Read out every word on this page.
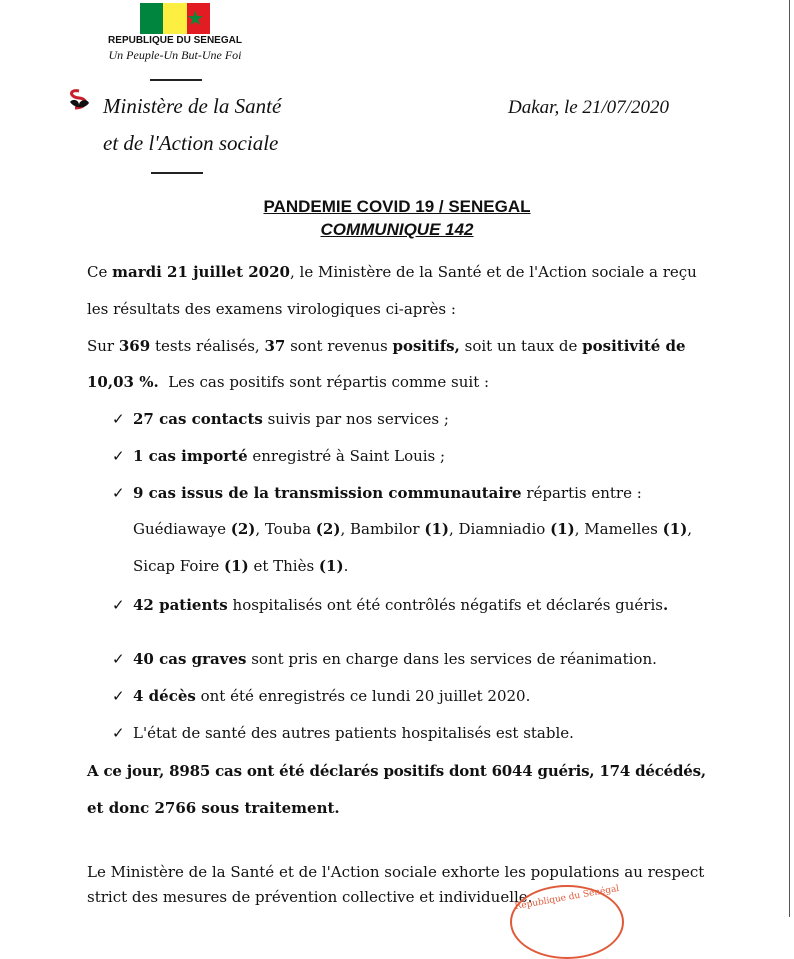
★
REPUBLIQUE DU SENEGAL
Un Peuple-Un But-Une Foi
Ministère de la Santé
et de l'Action sociale
Dakar, le 21/07/2020
PANDEMIE COVID 19 / SENEGAL
COMMUNIQUE 142
Ce mardi 21 juillet 2020, le Ministère de la Santé et de l'Action sociale a reçu
les résultats des examens virologiques ci-après :
Sur 369 tests réalisés, 37 sont revenus positifs, soit un taux de positivité de
10,03 %.  Les cas positifs sont répartis comme suit :
✓ 27 cas contacts suivis par nos services ;
✓ 1 cas importé enregistré à Saint Louis ;
✓ 9 cas issus de la transmission communautaire répartis entre :
Guédiawaye (2), Touba (2), Bambilor (1), Diamniadio (1), Mamelles (1),
Sicap Foire (1) et Thiès (1).
✓ 42 patients hospitalisés ont été contrôlés négatifs et déclarés guéris.
✓ 40 cas graves sont pris en charge dans les services de réanimation.
✓ 4 décès ont été enregistrés ce lundi 20 juillet 2020.
✓ L'état de santé des autres patients hospitalisés est stable.
A ce jour, 8985 cas ont été déclarés positifs dont 6044 guéris, 174 décédés,
et donc 2766 sous traitement.
Le Ministère de la Santé et de l'Action sociale exhorte les populations au respect
strict des mesures de prévention collective et individuelle.
République du Sénégal
